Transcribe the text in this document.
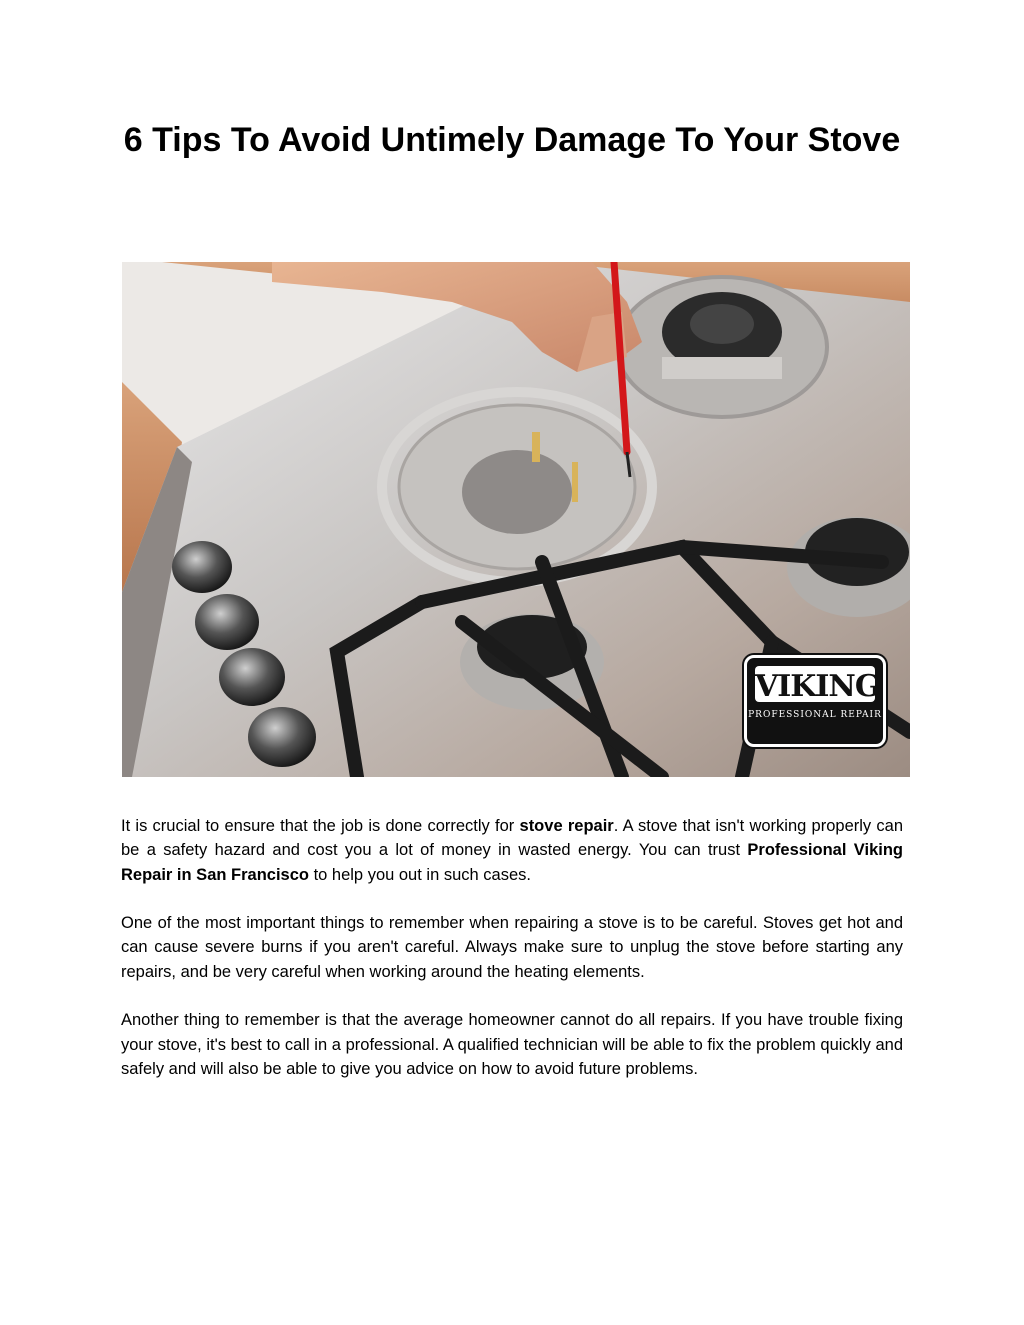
6 Tips To Avoid Untimely Damage To Your Stove
VIKING
PROFESSIONAL REPAIR

It is crucial to ensure that the job is done correctly for stove repair. A stove that isn't working properly can be a safety hazard and cost you a lot of money in wasted energy. You can trust Professional Viking Repair in San Francisco to help you out in such cases.

One of the most important things to remember when repairing a stove is to be careful. Stoves get hot and can cause severe burns if you aren't careful. Always make sure to unplug the stove before starting any repairs, and be very careful when working around the heating elements.

Another thing to remember is that the average homeowner cannot do all repairs. If you have trouble fixing your stove, it's best to call in a professional. A qualified technician will be able to fix the problem quickly and safely and will also be able to give you advice on how to avoid future problems.
